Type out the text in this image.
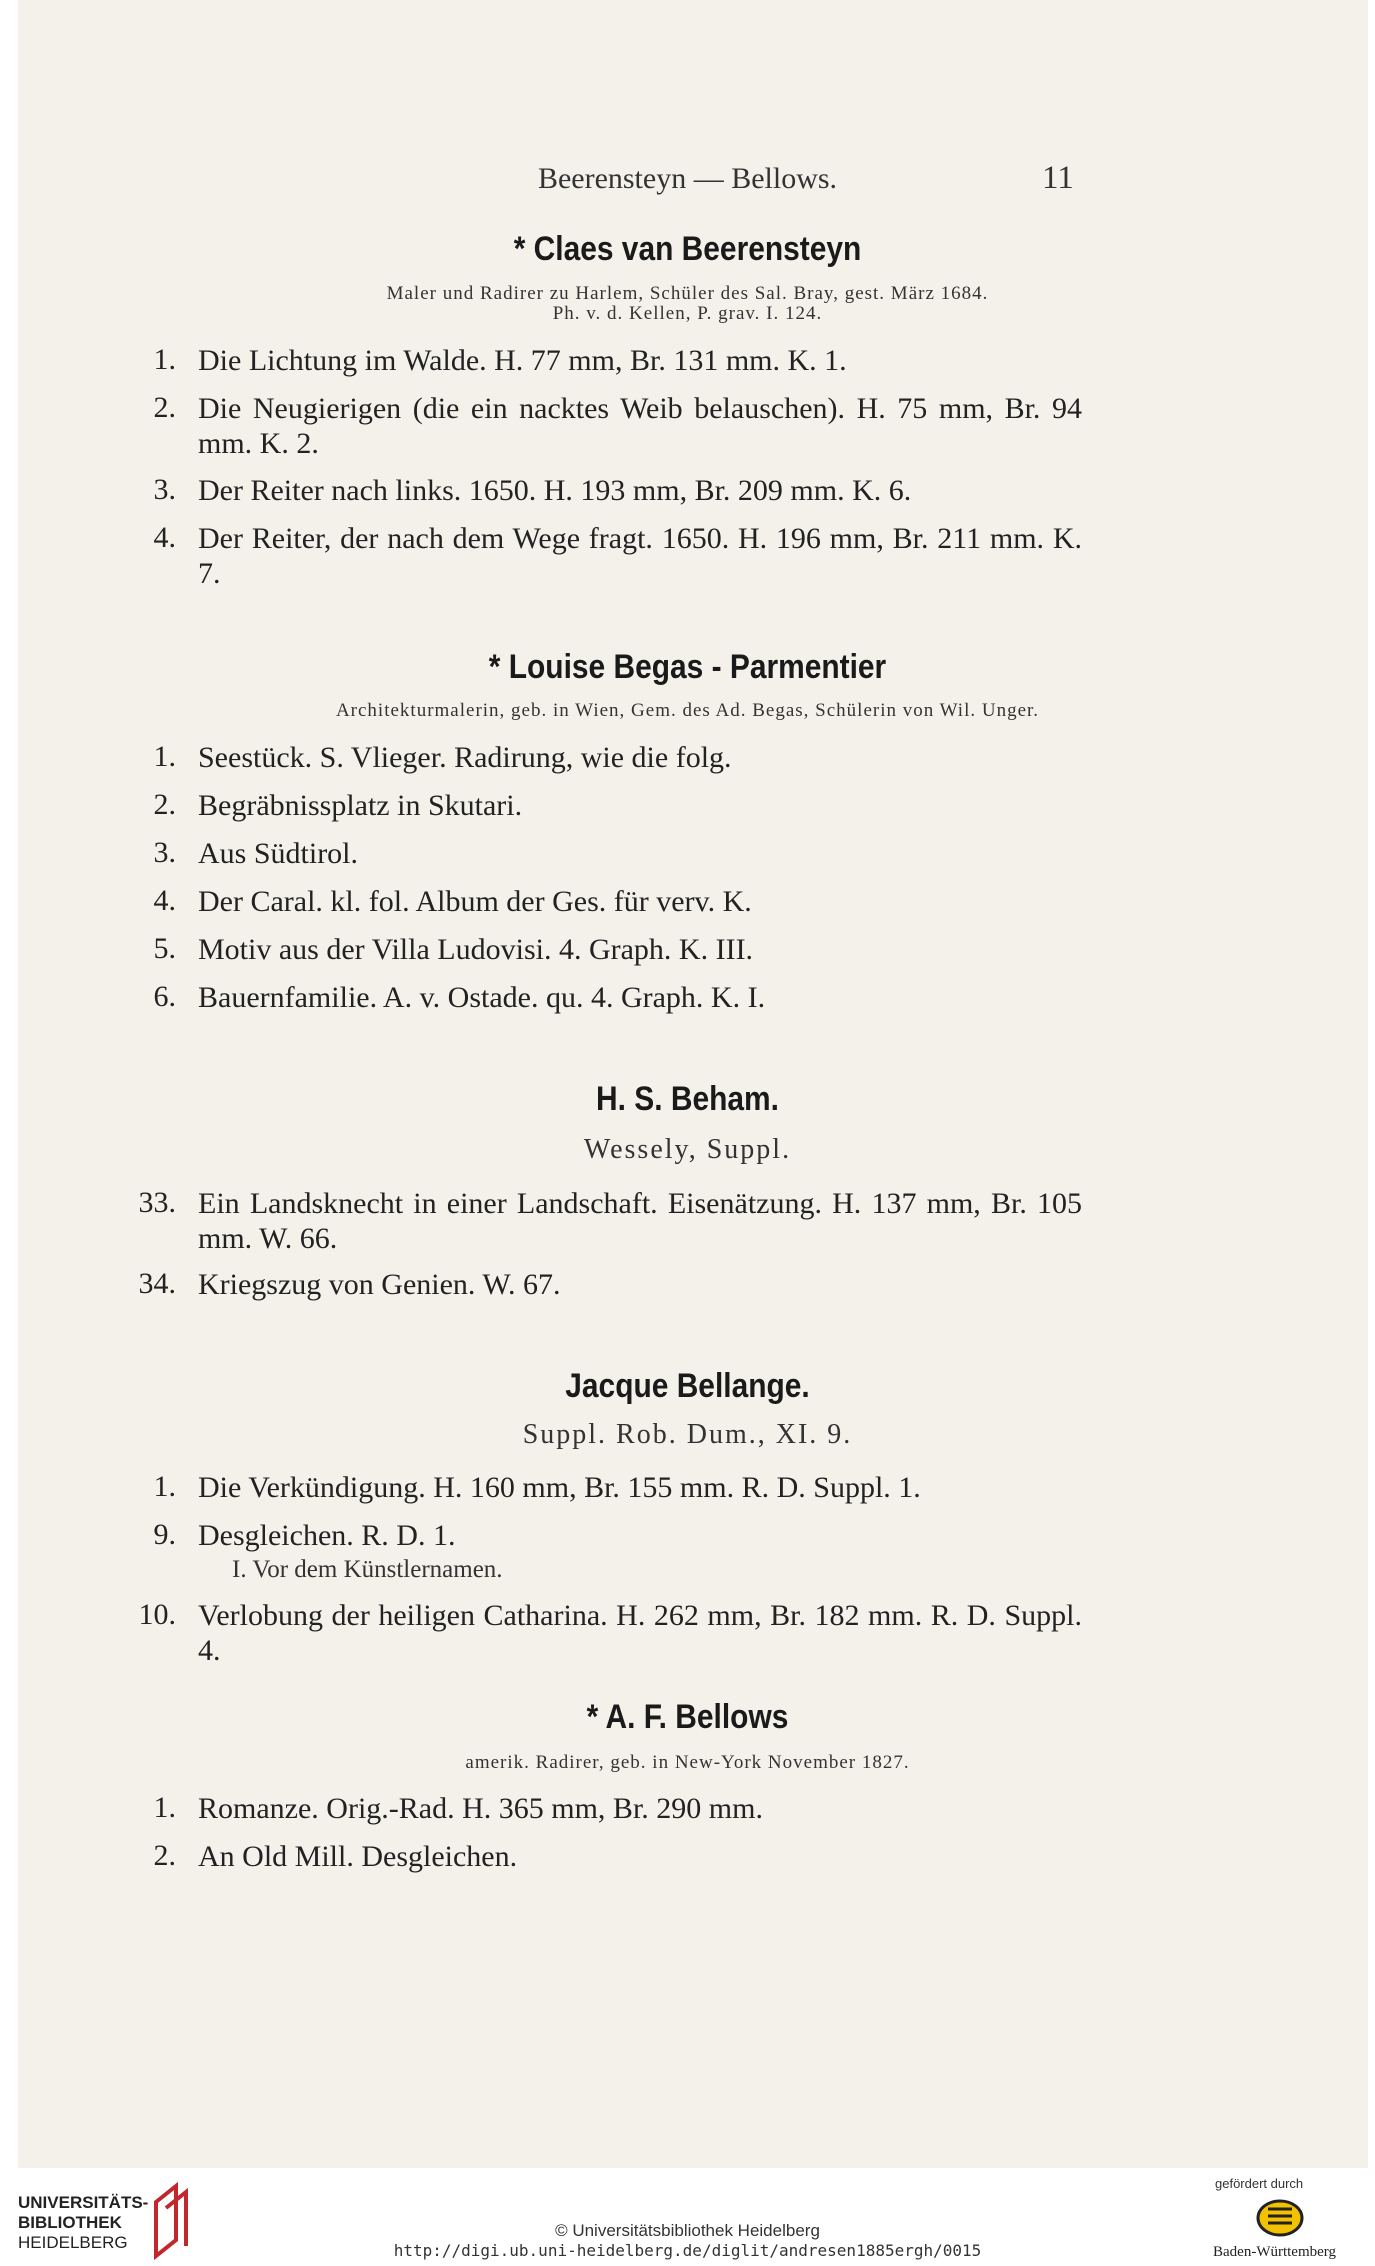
Beerensteyn — Bellows.	11
* Claes van Beerensteyn
Maler und Radirer zu Harlem, Schüler des Sal. Bray, gest. März 1684.
Ph. v. d. Kellen, P. grav. I. 124.
1. Die Lichtung im Walde. H. 77 mm, Br. 131 mm. K. 1.
2. Die Neugierigen (die ein nacktes Weib belauschen). H. 75 mm, Br. 94 mm. K. 2.
3. Der Reiter nach links. 1650. H. 193 mm, Br. 209 mm. K. 6.
4. Der Reiter, der nach dem Wege fragt. 1650. H. 196 mm, Br. 211 mm. K. 7.
* Louise Begas - Parmentier
Architekturmalerin, geb. in Wien, Gem. des Ad. Begas, Schülerin von Wil. Unger.
1. Seestück. S. Vlieger. Radirung, wie die folg.
2. Begräbnissplatz in Skutari.
3. Aus Südtirol.
4. Der Caral. kl. fol. Album der Ges. für verv. K.
5. Motiv aus der Villa Ludovisi. 4. Graph. K. III.
6. Bauernfamilie. A. v. Ostade. qu. 4. Graph. K. I.
H. S. Beham.
Wessely, Suppl.
33. Ein Landsknecht in einer Landschaft. Eisenätzung. H. 137 mm, Br. 105 mm. W. 66.
34. Kriegszug von Genien. W. 67.
Jacque Bellange.
Suppl. Rob. Dum., XI. 9.
1. Die Verkündigung. H. 160 mm, Br. 155 mm. R. D. Suppl. 1.
9. Desgleichen. R. D. 1.
I. Vor dem Künstlernamen.
10. Verlobung der heiligen Catharina. H. 262 mm, Br. 182 mm. R. D. Suppl. 4.
* A. F. Bellows
amerik. Radirer, geb. in New-York November 1827.
1. Romanze. Orig.-Rad. H. 365 mm, Br. 290 mm.
2. An Old Mill. Desgleichen.
UNIVERSITÄTS-
BIBLIOTHEK
HEIDELBERG
© Universitätsbibliothek Heidelberg
http://digi.ub.uni-heidelberg.de/diglit/andresen1885ergh/0015
gefördert durch
Baden-Württemberg
